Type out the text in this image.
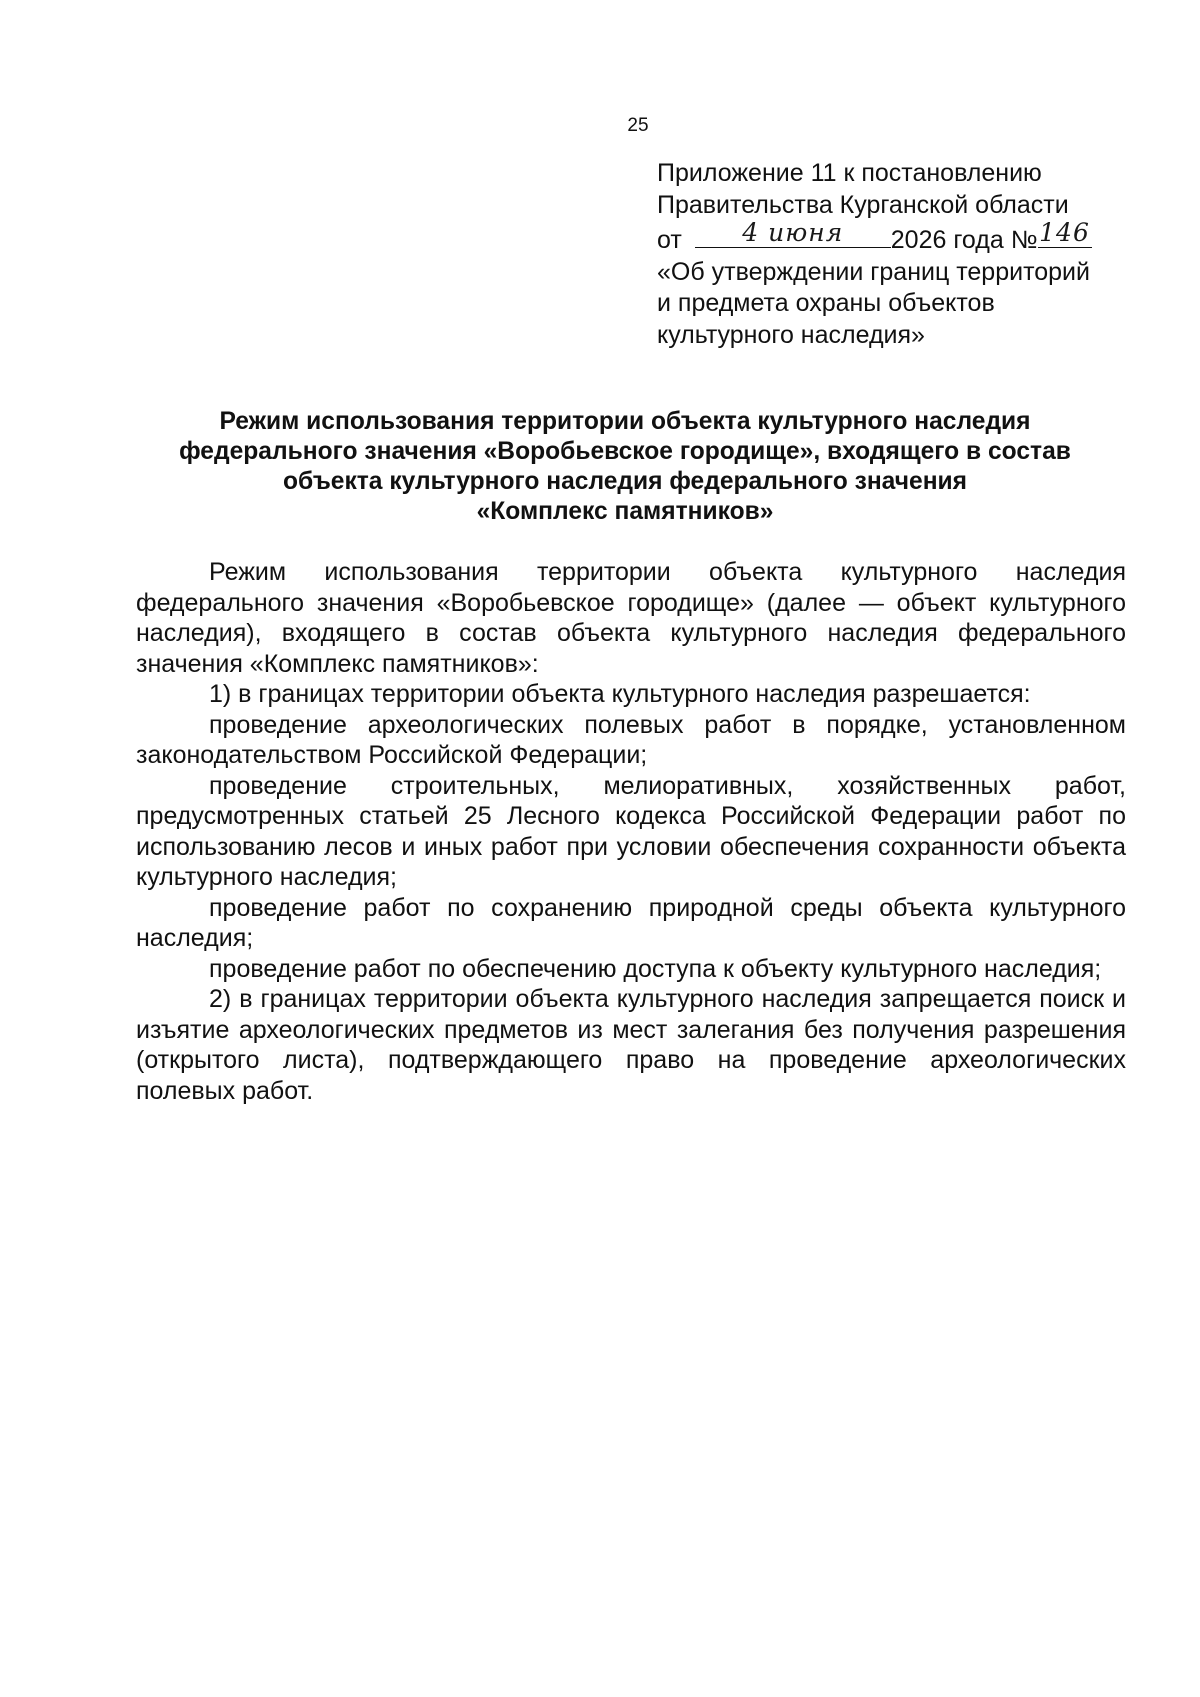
25
Приложение 11 к постановлению
Правительства Курганской области
от	4 июня	2026 года № 146
«Об утверждении границ территорий
и предмета охраны объектов
культурного наследия»
Режим использования территории объекта культурного наследия
федерального значения «Воробьевское городище», входящего в состав
объекта культурного наследия федерального значения
«Комплекс памятников»

Режим использования территории объекта культурного наследия федерального значения «Воробьевское городище» (далее — объект культурного наследия), входящего в состав объекта культурного наследия федерального значения «Комплекс памятников»:

1) в границах территории объекта культурного наследия разрешается:

проведение археологических полевых работ в порядке, установленном законодательством Российской Федерации;

проведение строительных, мелиоративных, хозяйственных работ, предусмотренных статьей 25 Лесного кодекса Российской Федерации работ по использованию лесов и иных работ при условии обеспечения сохранности объекта культурного наследия;

проведение работ по сохранению природной среды объекта культурного наследия;

проведение работ по обеспечению доступа к объекту культурного наследия;

2) в границах территории объекта культурного наследия запрещается поиск и изъятие археологических предметов из мест залегания без получения разрешения (открытого листа), подтверждающего право на проведение археологических полевых работ.
